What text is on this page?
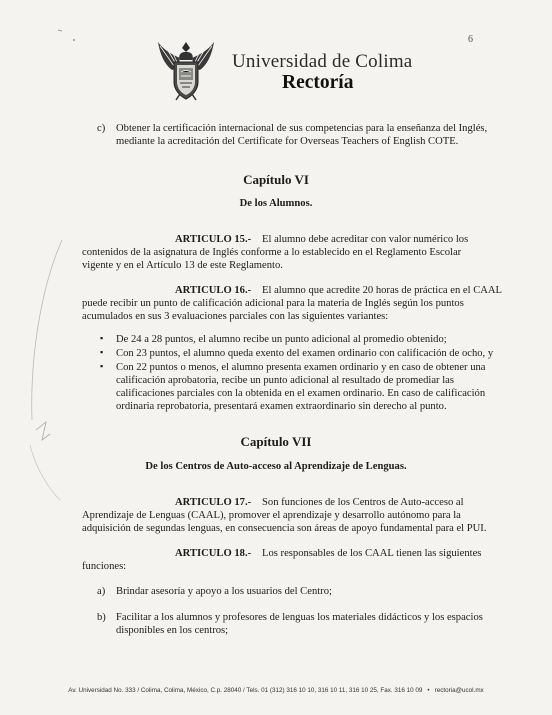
6
Universidad de Colima
Rectoría
c) Obtener la certificación internacional de sus competencias para la enseñanza del Inglés,
mediante la acreditación del Certificate for Overseas Teachers of English COTE.
Capítulo VI
De los Alumnos.
ARTICULO 15.- El alumno debe acreditar con valor numérico los
contenidos de la asignatura de Inglés conforme a lo establecido en el Reglamento Escolar
vigente y en el Artículo 13 de este Reglamento.
ARTICULO 16.- El alumno que acredite 20 horas de práctica en el CAAL
puede recibir un punto de calificación adicional para la materia de Inglés según los puntos
acumulados en sus 3 evaluaciones parciales con las siguientes variantes:
▪ De 24 a 28 puntos, el alumno recibe un punto adicional al promedio obtenido;
▪ Con 23 puntos, el alumno queda exento del examen ordinario con calificación de ocho, y
▪ Con 22 puntos o menos, el alumno presenta examen ordinario y en caso de obtener una
calificación aprobatoria, recibe un punto adicional al resultado de promediar las
calificaciones parciales con la obtenida en el examen ordinario. En caso de calificación
ordinaria reprobatoria, presentará examen extraordinario sin derecho al punto.
Capítulo VII
De los Centros de Auto-acceso al Aprendizaje de Lenguas.
ARTICULO 17.- Son funciones de los Centros de Auto-acceso al
Aprendizaje de Lenguas (CAAL), promover el aprendizaje y desarrollo autónomo para la
adquisición de segundas lenguas, en consecuencia son áreas de apoyo fundamental para el PUI.
ARTICULO 18.- Los responsables de los CAAL tienen las siguientes
funciones:
a) Brindar asesoría y apoyo a los usuarios del Centro;
b) Facilitar a los alumnos y profesores de lenguas los materiales didácticos y los espacios
disponibles en los centros;
Av. Universidad No. 333 / Colima, Colima, México, C.p. 28040 / Tels. 01 (312) 316 10 10, 316 10 11, 316 10 25, Fax. 316 10 09 • rectoria@ucol.mx
